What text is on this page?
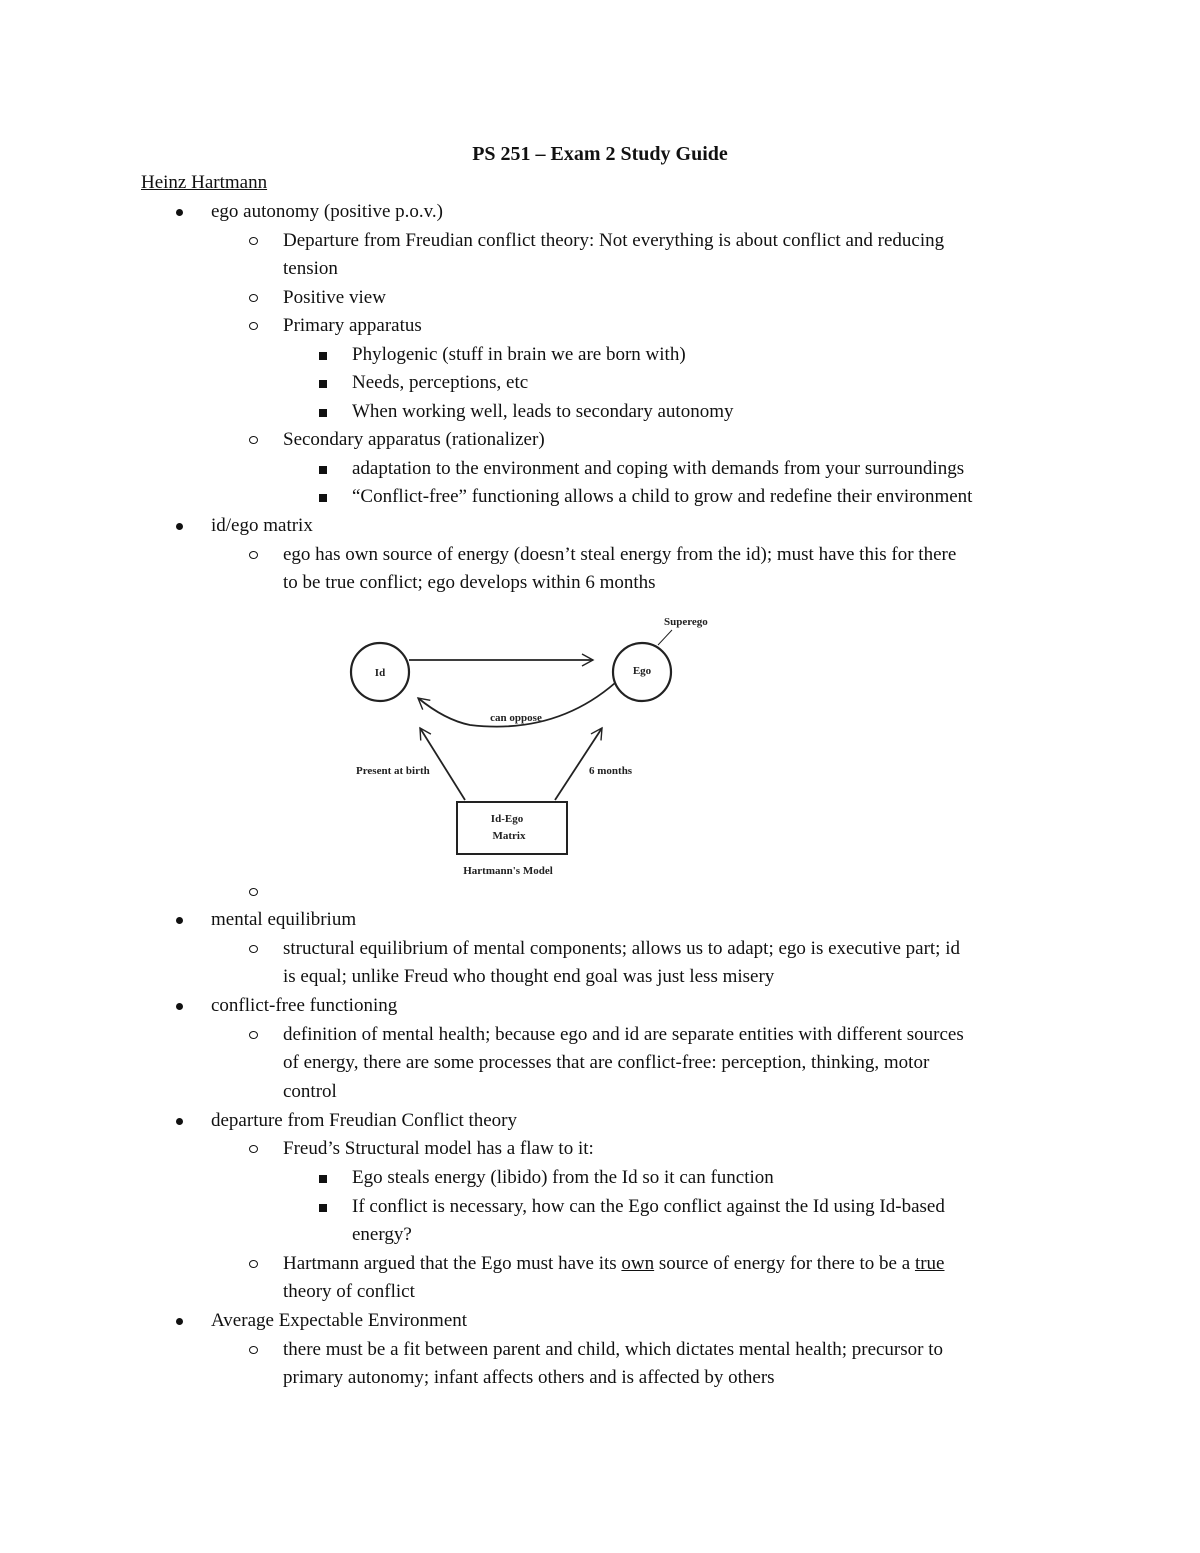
PS 251 – Exam 2 Study Guide
Heinz Hartmann
ego autonomy (positive p.o.v.)
Departure from Freudian conflict theory: Not everything is about conflict and reducing
tension
Positive view
Primary apparatus
Phylogenic (stuff in brain we are born with)
Needs, perceptions, etc
When working well, leads to secondary autonomy
Secondary apparatus (rationalizer)
adaptation to the environment and coping with demands from your surroundings
“Conflict-free” functioning allows a child to grow and redefine their environment
id/ego matrix
ego has own source of energy (doesn’t steal energy from the id); must have this for there
to be true conflict; ego develops within 6 months
mental equilibrium
structural equilibrium of mental components; allows us to adapt; ego is executive part; id
is equal; unlike Freud who thought end goal was just less misery
conflict-free functioning
definition of mental health; because ego and id are separate entities with different sources
of energy, there are some processes that are conflict-free: perception, thinking, motor
control
departure from Freudian Conflict theory
Freud’s Structural model has a flaw to it:
Ego steals energy (libido) from the Id so it can function
If conflict is necessary, how can the Ego conflict against the Id using Id-based
energy?
Hartmann argued that the Ego must have its own source of energy for there to be a true
theory of conflict
Average Expectable Environment
there must be a fit between parent and child, which dictates mental health; precursor to
primary autonomy; infant affects others and is affected by others
Id	Ego
Superego
can oppose
Present at birth	6 months
Id-Ego
Matrix
Hartmann's Model
